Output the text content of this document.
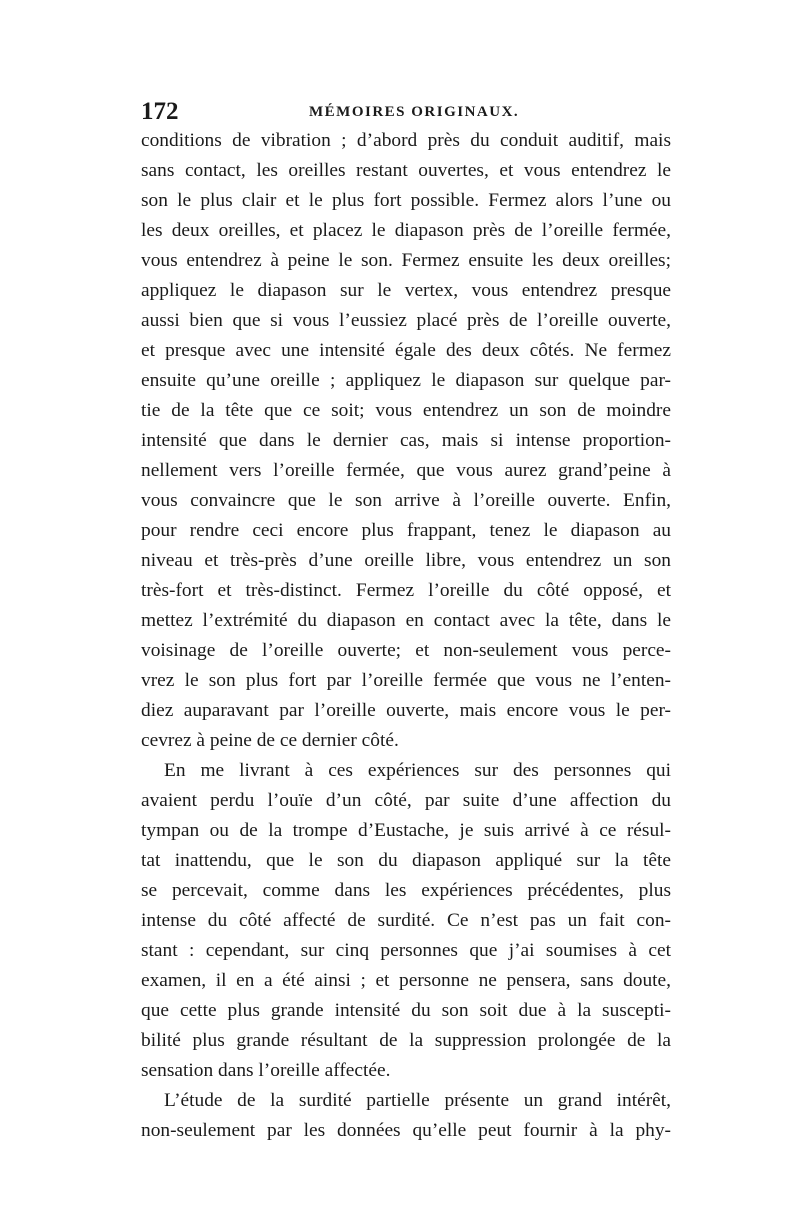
172	MÉMOIRES ORIGINAUX.
conditions de vibration ; d’abord près du conduit auditif, mais
sans contact, les oreilles restant ouvertes, et vous entendrez le
son le plus clair et le plus fort possible. Fermez alors l’une ou
les deux oreilles, et placez le diapason près de l’oreille fermée,
vous entendrez à peine le son. Fermez ensuite les deux oreilles;
appliquez le diapason sur le vertex, vous entendrez presque
aussi bien que si vous l’eussiez placé près de l’oreille ouverte,
et presque avec une intensité égale des deux côtés. Ne fermez
ensuite qu’une oreille ; appliquez le diapason sur quelque par-
tie de la tête que ce soit; vous entendrez un son de moindre
intensité que dans le dernier cas, mais si intense proportion-
nellement vers l’oreille fermée, que vous aurez grand’peine à
vous convaincre que le son arrive à l’oreille ouverte. Enfin,
pour rendre ceci encore plus frappant, tenez le diapason au
niveau et très-près d’une oreille libre, vous entendrez un son
très-fort et très-distinct. Fermez l’oreille du côté opposé, et
mettez l’extrémité du diapason en contact avec la tête, dans le
voisinage de l’oreille ouverte; et non-seulement vous perce-
vrez le son plus fort par l’oreille fermée que vous ne l’enten-
diez auparavant par l’oreille ouverte, mais encore vous le per-
cevrez à peine de ce dernier côté.
En me livrant à ces expériences sur des personnes qui
avaient perdu l’ouïe d’un côté, par suite d’une affection du
tympan ou de la trompe d’Eustache, je suis arrivé à ce résul-
tat inattendu, que le son du diapason appliqué sur la tête
se percevait, comme dans les expériences précédentes, plus
intense du côté affecté de surdité. Ce n’est pas un fait con-
stant : cependant, sur cinq personnes que j’ai soumises à cet
examen, il en a été ainsi ; et personne ne pensera, sans doute,
que cette plus grande intensité du son soit due à la suscepti-
bilité plus grande résultant de la suppression prolongée de la
sensation dans l’oreille affectée.
L’étude de la surdité partielle présente un grand intérêt,
non-seulement par les données qu’elle peut fournir à la phy-
